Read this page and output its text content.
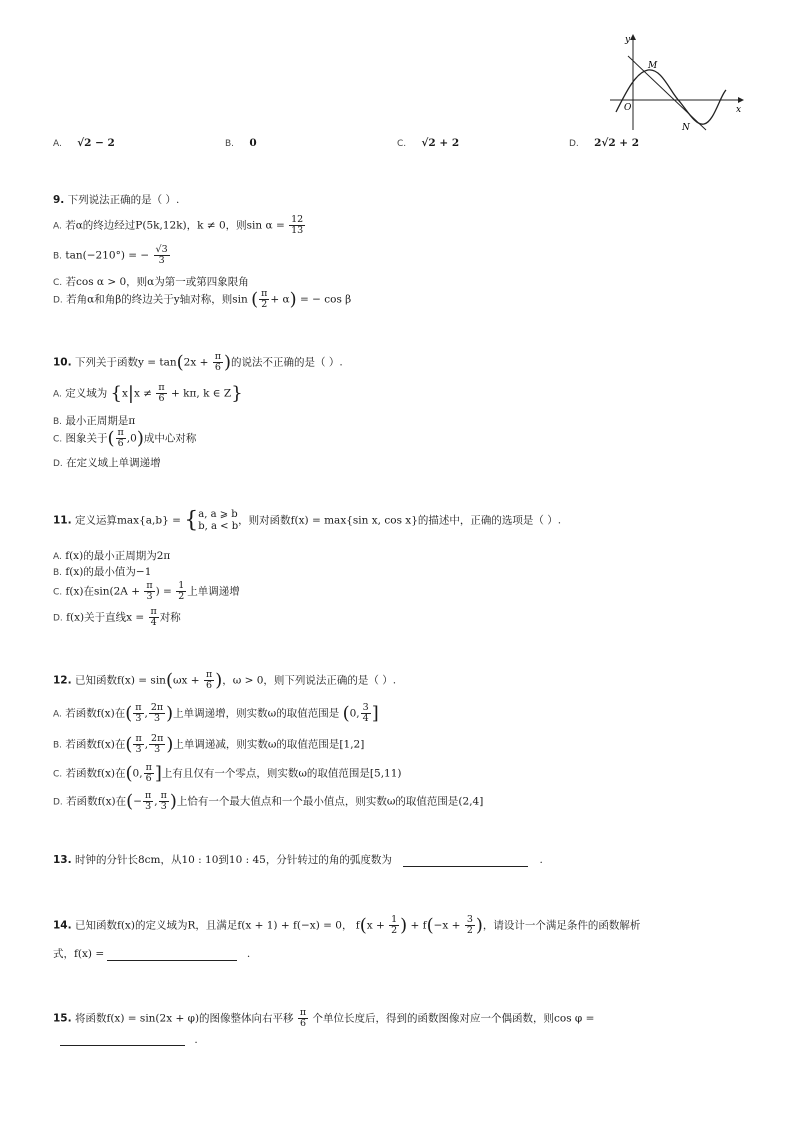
y
x
O
M
N
A. √2 − 2	B. 0	C. √2 + 2	D. 2√2 + 2
9. 下列说法正确的是（ ）.
A. 若α的终边经过P(5k,12k)，k ≠ 0，则$\sin \alpha = \frac{12}{13}$
B. tan(−210°) = − $\frac{√3}{3}$
C. 若cos α > 0，则α为第一或第四象限角
D. 若角α和角β的终边关于y轴对称，则sin ( $\frac{\pi}{2} + \alpha$) = − cos β
10. 下列关于函数$y = \tan(2x + \frac{\pi}{6}$ )的说法不正确的是（ ）.
A. 定义域为 {$x|x \ne \frac{\pi}{6} + k\pi$, k ∈ Z}
B. 最小正周期是π
C. 图象关于( $\frac{\pi}{6} ,0$)成中心对称
D. 在定义域上单调递增
11. 定义运算max{a,b} = { a, a ⩾ b
b, a < b ，则对函数f(x) = max{sin x, cos x}的描述中，正确的选项是（ ）.
A. f(x)的最小正周期为2π
B. f(x)的最小值为−1
C. f(x)在$\sin(2A + \frac{\pi}{3}$ ) = $\frac{1}{2}$ 上单调递增
D. f(x)关于直线$x = \frac{\pi}{4}$ 对称
12. 已知函数$f(x) = \sin(\omega x + \frac{\pi}{6}$ )，ω > 0，则下列说法正确的是（ ）.
A. 若函数f(x)在( $\frac{\pi}{3}$ , $\frac{2\pi}{3}$ )上单调递增，则实数ω的取值范围是 (0, $\frac{3}{4}$ ]
B. 若函数f(x)在( $\frac{\pi}{3}$ , $\frac{2\pi}{3}$ )上单调递减，则实数ω的取值范围是[1,2]
C. 若函数f(x)在(0, $\frac{\pi}{6}$ ]上有且仅有一个零点，则实数ω的取值范围是[5,11)
D. 若函数f(x)在(− $\frac{\pi}{3}$ , $\frac{\pi}{3}$ )上恰有一个最大值点和一个最小值点，则实数ω的取值范围是(2,4]
13. 时钟的分针长8cm，从10 : 10到10 : 45，分针转过的角的弧度数为	.
14. 已知函数f(x)的定义域为R，且满足f(x + 1) + f(−x) = 0， $f(x + \frac{1}{2}$ ) + $f(-x + \frac{3}{2}$ )，请设计一个满足条件的函数解析
式，f(x) =	.
15. 将函数f(x) = sin(2x + φ)的图像整体向右平移 $\frac{\pi}{6}$ 个单位长度后，得到的函数图像对应一个偶函数，则cos φ =
.
